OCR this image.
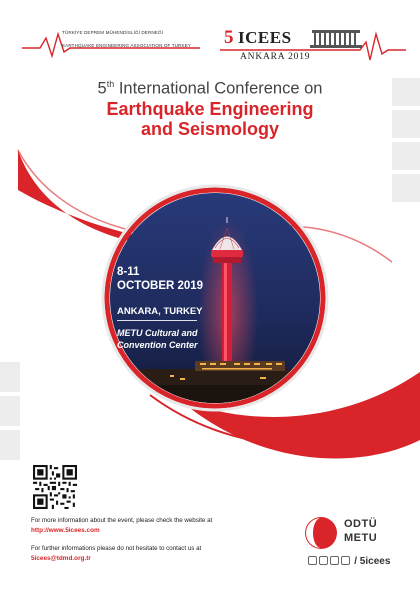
TÜRKİYE DEPREM MÜHENDİSLİĞİ DERNEĞİ
EARTHQUAKE ENGINEERING ASSOCIATION OF TURKEY 5 ICEES
ANKARA 2019
5th International Conference on
Earthquake Engineering
and Seismology
8-11
OCTOBER 2019
ANKARA, TURKEY
METU Cultural and
Convention Center
For more information about the event, please check the website at
http://www.5icees.com
For further informations please do not hesitate to contact us at
5icees@tdmd.org.tr
ODTÜ
METU
/ 5icees
